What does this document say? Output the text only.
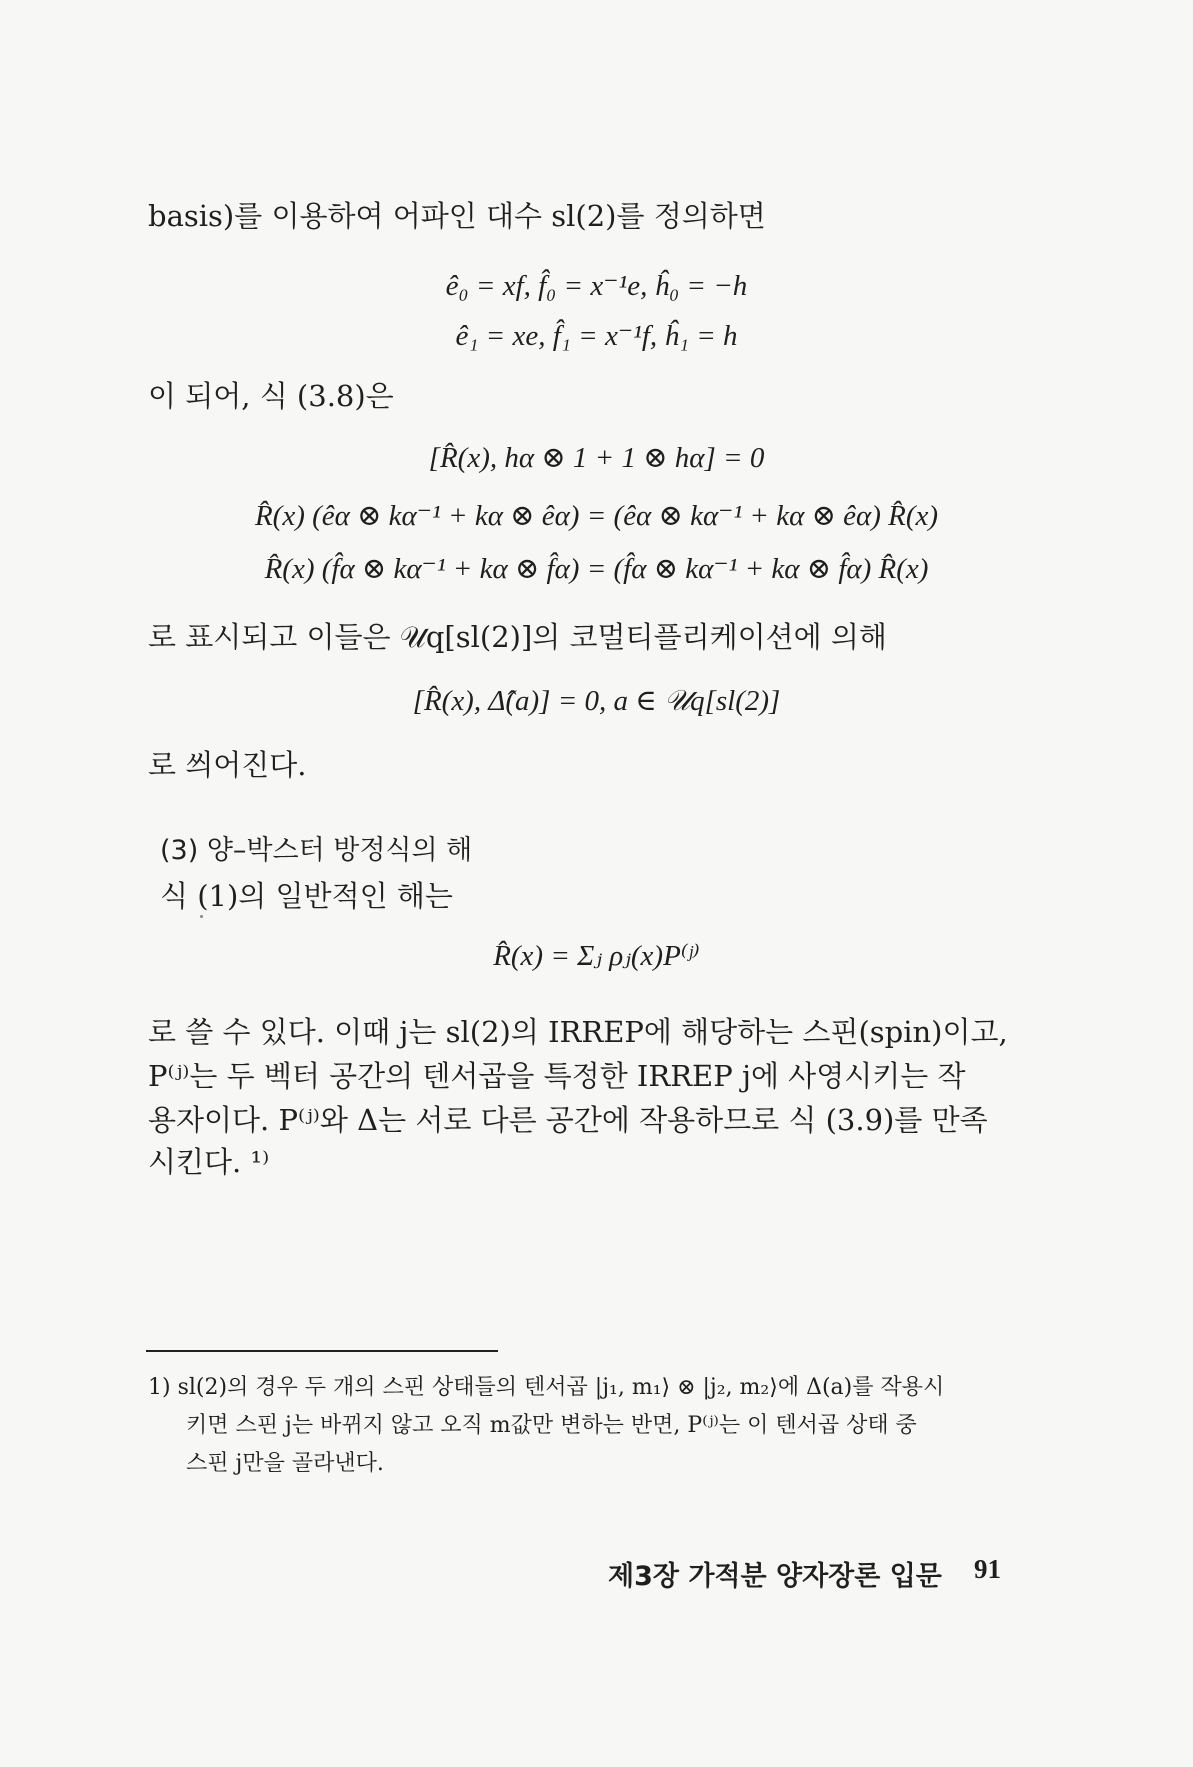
basis)를 이용하여 어파인 대수 sl(2)를 정의하면
ê₀ = xf, f̂₀ = x⁻¹e, ĥ₀ = −h
ê₁ = xe, f̂₁ = x⁻¹f, ĥ₁ = h
이 되어, 식 (3.8)은
[R̂(x), hα ⊗ 1 + 1 ⊗ hα] = 0
R̂(x) (êα ⊗ kα⁻¹ + kα ⊗ êα) = (êα ⊗ kα⁻¹ + kα ⊗ êα) R̂(x)
R̂(x) (f̂α ⊗ kα⁻¹ + kα ⊗ f̂α) = (f̂α ⊗ kα⁻¹ + kα ⊗ f̂α) R̂(x)
로 표시되고 이들은 𝒰q[sl(2)]의 코멀티플리케이션에 의해
[R̂(x), Δ̂(a)] = 0, a ∈ 𝒰q[sl(2)]
로 씌어진다.
(3) 양–박스터 방정식의 해
식 (1)의 일반적인 해는
R̂(x) = Σⱼ ρⱼ(x)P⁽ʲ⁾
로 쓸 수 있다. 이때 j는 sl(2)의 IRREP에 해당하는 스핀(spin)이고,
P⁽ʲ⁾는 두 벡터 공간의 텐서곱을 특정한 IRREP j에 사영시키는 작
용자이다. P⁽ʲ⁾와 Δ는 서로 다른 공간에 작용하므로 식 (3.9)를 만족
시킨다. ¹⁾
1) sl(2)의 경우 두 개의 스핀 상태들의 텐서곱 |j₁, m₁⟩ ⊗ |j₂, m₂⟩에 Δ(a)를 작용시
키면 스핀 j는 바뀌지 않고 오직 m값만 변하는 반면, P⁽ʲ⁾는 이 텐서곱 상태 중
스핀 j만을 골라낸다.
제3장 가적분 양자장론 입문 91
